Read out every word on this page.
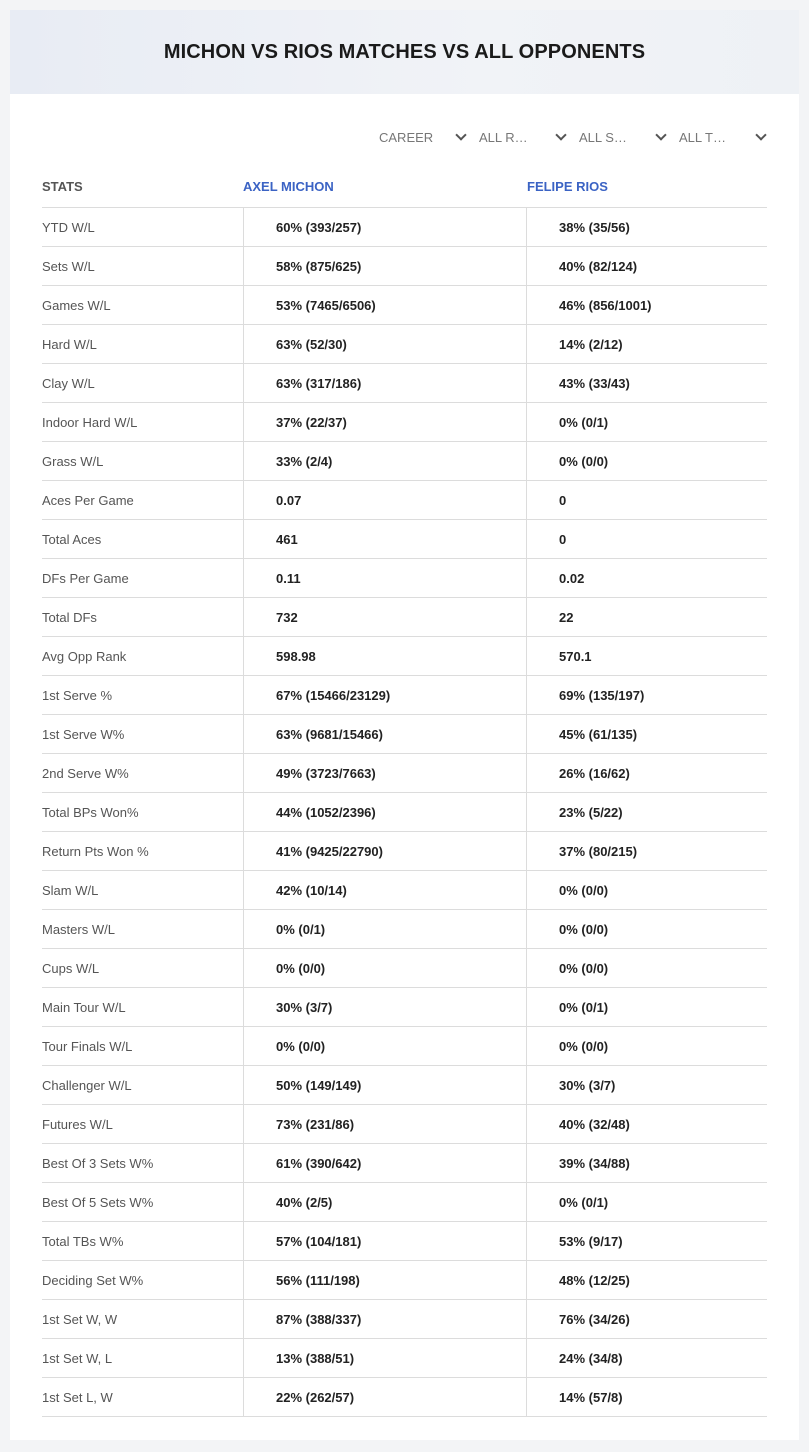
MICHON VS RIOS MATCHES VS ALL OPPONENTS
CAREER	ALL R…	ALL S…	ALL T…
STATS	AXEL MICHON	FELIPE RIOS
YTD W/L	60% (393/257)	38% (35/56)
Sets W/L	58% (875/625)	40% (82/124)
Games W/L	53% (7465/6506)	46% (856/1001)
Hard W/L	63% (52/30)	14% (2/12)
Clay W/L	63% (317/186)	43% (33/43)
Indoor Hard W/L	37% (22/37)	0% (0/1)
Grass W/L	33% (2/4)	0% (0/0)
Aces Per Game	0.07	0
Total Aces	461	0
DFs Per Game	0.11	0.02
Total DFs	732	22
Avg Opp Rank	598.98	570.1
1st Serve %	67% (15466/23129)	69% (135/197)
1st Serve W%	63% (9681/15466)	45% (61/135)
2nd Serve W%	49% (3723/7663)	26% (16/62)
Total BPs Won%	44% (1052/2396)	23% (5/22)
Return Pts Won %	41% (9425/22790)	37% (80/215)
Slam W/L	42% (10/14)	0% (0/0)
Masters W/L	0% (0/1)	0% (0/0)
Cups W/L	0% (0/0)	0% (0/0)
Main Tour W/L	30% (3/7)	0% (0/1)
Tour Finals W/L	0% (0/0)	0% (0/0)
Challenger W/L	50% (149/149)	30% (3/7)
Futures W/L	73% (231/86)	40% (32/48)
Best Of 3 Sets W%	61% (390/642)	39% (34/88)
Best Of 5 Sets W%	40% (2/5)	0% (0/1)
Total TBs W%	57% (104/181)	53% (9/17)
Deciding Set W%	56% (111/198)	48% (12/25)
1st Set W, W	87% (388/337)	76% (34/26)
1st Set W, L	13% (388/51)	24% (34/8)
1st Set L, W	22% (262/57)	14% (57/8)
